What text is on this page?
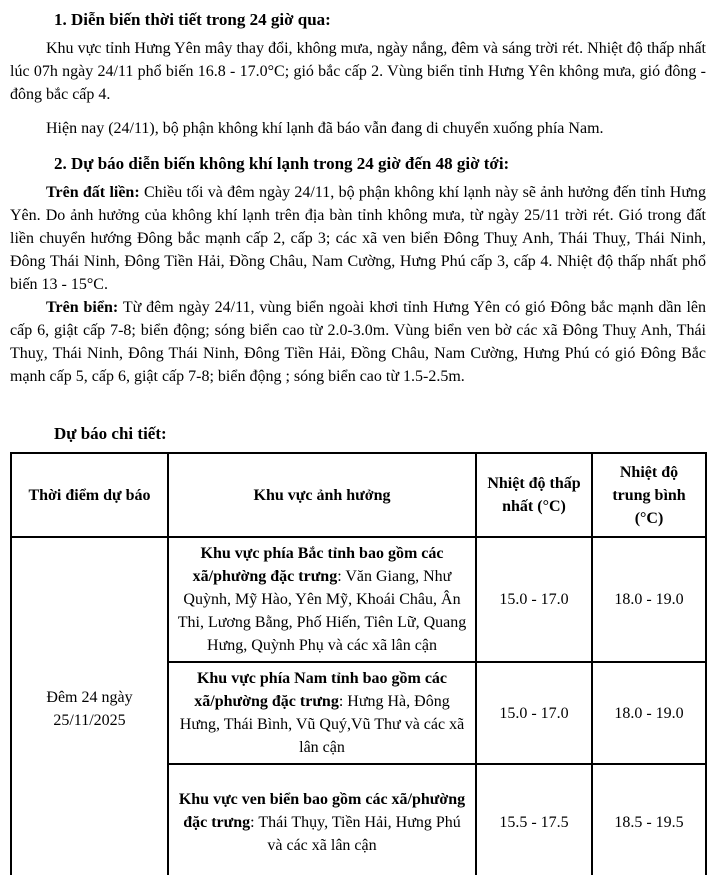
1. Diễn biến thời tiết trong 24 giờ qua:

Khu vực tỉnh Hưng Yên mây thay đổi, không mưa, ngày nắng, đêm và sáng trời rét. Nhiệt độ thấp nhất lúc 07h ngày 24/11 phổ biến 16.8 - 17.0°C; gió bắc cấp 2. Vùng biển tỉnh Hưng Yên không mưa, gió đông - đông bắc cấp 4.

Hiện nay (24/11), bộ phận không khí lạnh đã báo vẫn đang di chuyển xuống phía Nam.

2. Dự báo diễn biến không khí lạnh trong 24 giờ đến 48 giờ tới:

Trên đất liền: Chiều tối và đêm ngày 24/11, bộ phận không khí lạnh này sẽ ảnh hưởng đến tỉnh Hưng Yên. Do ảnh hưởng của không khí lạnh trên địa bàn tỉnh không mưa, từ ngày 25/11 trời rét. Gió trong đất liền chuyển hướng Đông bắc mạnh cấp 2, cấp 3; các xã ven biển Đông Thuỵ Anh, Thái Thuỵ, Thái Ninh, Đông Thái Ninh, Đông Tiền Hải, Đồng Châu, Nam Cường, Hưng Phú cấp 3, cấp 4. Nhiệt độ thấp nhất phổ biến 13 - 15°C.

Trên biển: Từ đêm ngày 24/11, vùng biển ngoài khơi tỉnh Hưng Yên có gió Đông bắc mạnh dần lên cấp 6, giật cấp 7-8; biển động; sóng biển cao từ 2.0-3.0m. Vùng biển ven bờ các xã Đông Thuỵ Anh, Thái Thuỵ, Thái Ninh, Đông Thái Ninh, Đông Tiền Hải, Đồng Châu, Nam Cường, Hưng Phú có gió Đông Bắc mạnh cấp 5, cấp 6, giật cấp 7-8; biển động ; sóng biển cao từ 1.5-2.5m.

Dự báo chi tiết:

Thời điểm dự báo	Khu vực ảnh hưởng	Nhiệt độ thấp nhất (°C)	Nhiệt độ trung bình (°C)
Đêm 24 ngày 25/11/2025	Khu vực phía Bắc tỉnh bao gồm các xã/phường đặc trưng: Văn Giang, Như Quỳnh, Mỹ Hào, Yên Mỹ, Khoái Châu, Ân Thi, Lương Bằng, Phố Hiến, Tiên Lữ, Quang Hưng, Quỳnh Phụ và các xã lân cận	15.0 - 17.0	18.0 - 19.0
	Khu vực phía Nam tỉnh bao gồm các xã/phường đặc trưng: Hưng Hà, Đông Hưng, Thái Bình, Vũ Quý,Vũ Thư và các xã lân cận	15.0 - 17.0	18.0 - 19.0
	Khu vực ven biển bao gồm các xã/phường đặc trưng: Thái Thụy, Tiền Hải, Hưng Phú và các xã lân cận	15.5 - 17.5	18.5 - 19.5
